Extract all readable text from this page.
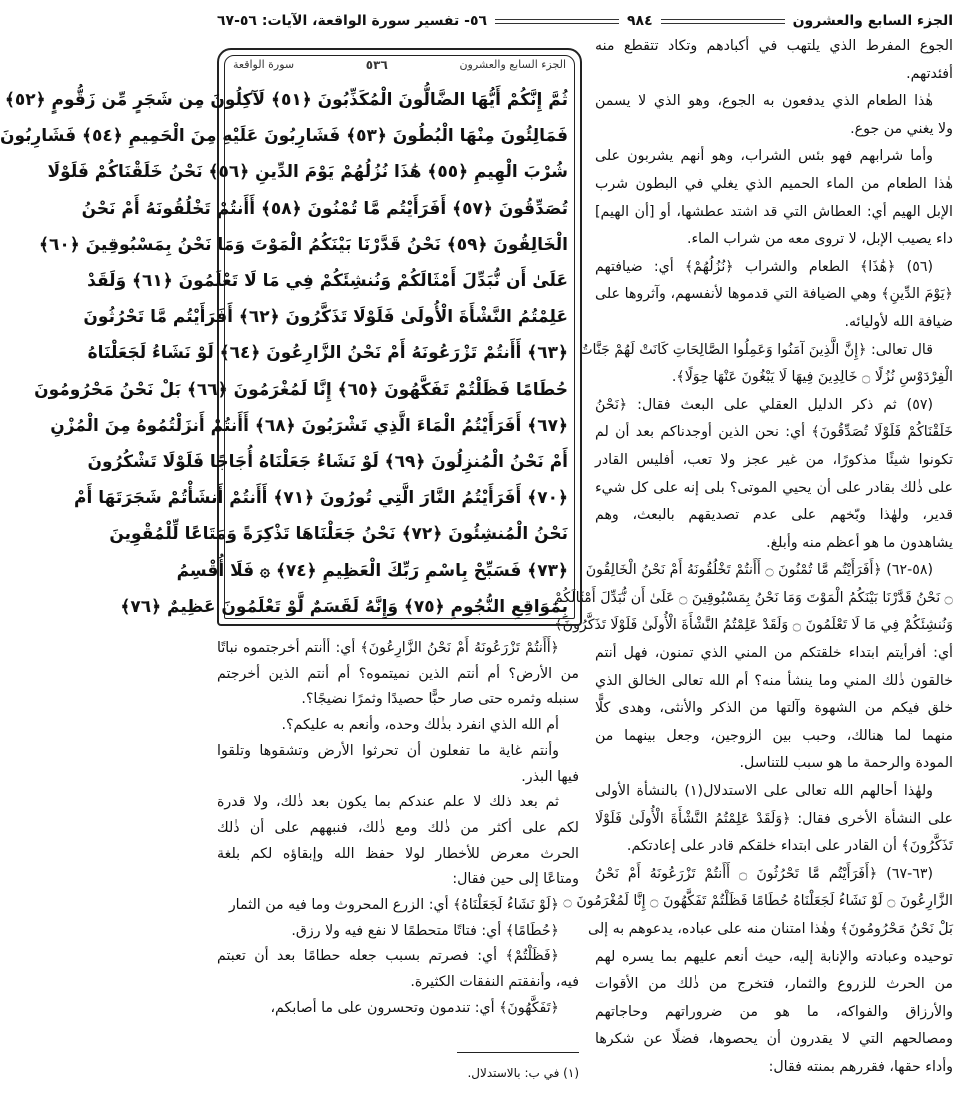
الجزء السابع والعشرون
٩٨٤
٥٦- تفسير سورة الواقعة، الآيات: ٥٦-٦٧
الجوع المفرط الذي يلتهب في أكبادهم وتكاد تتقطع منه
أفئدتهم.
هٰذا الطعام الذي يدفعون به الجوع، وهو الذي لا يسمن
ولا يغني من جوع.
وأما شرابهم فهو بئس الشراب، وهو أنهم يشربون على
هٰذا الطعام من الماء الحميم الذي يغلي في البطون شرب
الإبل الهيم أي: العطاش التي قد اشتد عطشها، أو [أن الهيم]
داء يصيب الإبل، لا تروى معه من شراب الماء.
(٥٦) ﴿هَٰذَا﴾ الطعام والشراب ﴿نُزُلُهُمْ﴾ أي: ضيافتهم
﴿يَوْمَ الدِّينِ﴾ وهي الضيافة التي قدموها لأنفسهم، وآثروها على
ضيافة الله لأوليائه.
قال تعالى: ﴿إِنَّ الَّذِينَ آمَنُوا وَعَمِلُوا الصَّالِحَاتِ كَانَتْ لَهُمْ جَنَّاتُ
الْفِرْدَوْسِ نُزُلًا ۝ خَالِدِينَ فِيهَا لَا يَبْغُونَ عَنْهَا حِوَلًا﴾.
(٥٧) ثم ذكر الدليل العقلي على البعث فقال: ﴿نَحْنُ
خَلَقْنَاكُمْ فَلَوْلَا تُصَدِّقُونَ﴾ أي: نحن الذين أوجدناكم بعد أن لم
تكونوا شيئًا مذكورًا، من غير عجز ولا تعب، أفليس القادر
على ذٰلك بقادر على أن يحيي الموتى؟ بلى إنه على كل شيء
قدير، ولهٰذا وبّخهم على عدم تصديقهم بالبعث، وهم
يشاهدون ما هو أعظم منه وأبلغ.
(٥٨-٦٢) ﴿أَفَرَأَيْتُم مَّا تُمْنُونَ ۝ أَأَنتُمْ تَخْلُقُونَهُ أَمْ نَحْنُ الْخَالِقُونَ
۝ نَحْنُ قَدَّرْنَا بَيْنَكُمُ الْمَوْتَ وَمَا نَحْنُ بِمَسْبُوقِينَ ۝ عَلَىٰ أَن نُّبَدِّلَ أَمْثَالَكُمْ
وَنُنشِئَكُمْ فِي مَا لَا تَعْلَمُونَ ۝ وَلَقَدْ عَلِمْتُمُ النَّشْأَةَ الْأُولَىٰ فَلَوْلَا تَذَكَّرُونَ﴾
أي: أفرأيتم ابتداء خلقتكم من المني الذي تمنون، فهل أنتم
خالقون ذٰلك المني وما ينشأ منه؟ أم الله تعالى الخالق الذي
خلق فيكم من الشهوة وآلتها من الذكر والأنثى، وهدى كلًّا
منهما لما هنالك، وحبب بين الزوجين، وجعل بينهما من
المودة والرحمة ما هو سبب للتناسل.
ولهٰذا أحالهم الله تعالى على الاستدلال(١) بالنشأة الأولى
على النشأة الأخرى فقال: ﴿وَلَقَدْ عَلِمْتُمُ النَّشْأَةَ الْأُولَىٰ فَلَوْلَا
تَذَكَّرُونَ﴾ أن القادر على ابتداء خلقكم قادر على إعادتكم.
(٦٣-٦٧) ﴿أَفَرَأَيْتُم مَّا تَحْرُثُونَ ۝ أَأَنتُمْ تَزْرَعُونَهُ أَمْ نَحْنُ
الزَّارِعُونَ ۝ لَوْ نَشَاءُ لَجَعَلْنَاهُ حُطَامًا فَظَلْتُمْ تَفَكَّهُونَ ۝ إِنَّا لَمُغْرَمُونَ ۝
بَلْ نَحْنُ مَحْرُومُونَ﴾ وهٰذا امتنان منه على عباده، يدعوهم به إلى
توحيده وعبادته والإنابة إليه، حيث أنعم عليهم بما يسره لهم
من الحرث للزروع والثمار، فتخرج من ذٰلك من الأقوات
والأرزاق والفواكه، ما هو من ضروراتهم وحاجاتهم
ومصالحهم التي لا يقدرون أن يحصوها، فضلًا عن شكرها
وأداء حقها، فقررهم بمنته فقال:
الجزء السابع والعشرون
٥٣٦
سورة الواقعة
ثُمَّ إِنَّكُمْ أَيُّهَا الضَّالُّونَ الْمُكَذِّبُونَ ﴿٥١﴾ لَآكِلُونَ مِن شَجَرٍ مِّن زَقُّومٍ ﴿٥٢﴾
فَمَالِئُونَ مِنْهَا الْبُطُونَ ﴿٥٣﴾ فَشَارِبُونَ عَلَيْهِ مِنَ الْحَمِيمِ ﴿٥٤﴾ فَشَارِبُونَ
شُرْبَ الْهِيمِ ﴿٥٥﴾ هَٰذَا نُزُلُهُمْ يَوْمَ الدِّينِ ﴿٥٦﴾ نَحْنُ خَلَقْنَاكُمْ فَلَوْلَا
تُصَدِّقُونَ ﴿٥٧﴾ أَفَرَأَيْتُم مَّا تُمْنُونَ ﴿٥٨﴾ أَأَنتُمْ تَخْلُقُونَهُ أَمْ نَحْنُ
الْخَالِقُونَ ﴿٥٩﴾ نَحْنُ قَدَّرْنَا بَيْنَكُمُ الْمَوْتَ وَمَا نَحْنُ بِمَسْبُوقِينَ ﴿٦٠﴾
عَلَىٰ أَن نُّبَدِّلَ أَمْثَالَكُمْ وَنُنشِئَكُمْ فِي مَا لَا تَعْلَمُونَ ﴿٦١﴾ وَلَقَدْ
عَلِمْتُمُ النَّشْأَةَ الْأُولَىٰ فَلَوْلَا تَذَكَّرُونَ ﴿٦٢﴾ أَفَرَأَيْتُم مَّا تَحْرُثُونَ
﴿٦٣﴾ أَأَنتُمْ تَزْرَعُونَهُ أَمْ نَحْنُ الزَّارِعُونَ ﴿٦٤﴾ لَوْ نَشَاءُ لَجَعَلْنَاهُ
حُطَامًا فَظَلْتُمْ تَفَكَّهُونَ ﴿٦٥﴾ إِنَّا لَمُغْرَمُونَ ﴿٦٦﴾ بَلْ نَحْنُ مَحْرُومُونَ
﴿٦٧﴾ أَفَرَأَيْتُمُ الْمَاءَ الَّذِي تَشْرَبُونَ ﴿٦٨﴾ أَأَنتُمْ أَنزَلْتُمُوهُ مِنَ الْمُزْنِ
أَمْ نَحْنُ الْمُنزِلُونَ ﴿٦٩﴾ لَوْ نَشَاءُ جَعَلْنَاهُ أُجَاجًا فَلَوْلَا تَشْكُرُونَ
﴿٧٠﴾ أَفَرَأَيْتُمُ النَّارَ الَّتِي تُورُونَ ﴿٧١﴾ أَأَنتُمْ أَنشَأْتُمْ شَجَرَتَهَا أَمْ
نَحْنُ الْمُنشِئُونَ ﴿٧٢﴾ نَحْنُ جَعَلْنَاهَا تَذْكِرَةً وَمَتَاعًا لِّلْمُقْوِينَ
﴿٧٣﴾ فَسَبِّحْ بِاسْمِ رَبِّكَ الْعَظِيمِ ﴿٧٤﴾ ۞ فَلَا أُقْسِمُ
بِمَوَاقِعِ النُّجُومِ ﴿٧٥﴾ وَإِنَّهُ لَقَسَمٌ لَّوْ تَعْلَمُونَ عَظِيمٌ ﴿٧٦﴾
﴿أَأَنتُمْ تَزْرَعُونَهُ أَمْ نَحْنُ الزَّارِعُونَ﴾ أي: أأنتم أخرجتموه نباتًا
من الأرض؟ أم أنتم الذين نميتموه؟ أم أنتم الذين أخرجتم
سنبله وثمره حتى صار حبًّا حصيدًا وثمرًا نضيجًا؟.
أم الله الذي انفرد بذٰلك وحده، وأنعم به عليكم؟.
وأنتم غاية ما تفعلون أن تحرثوا الأرض وتشقوها وتلقوا
فيها البذر.
ثم بعد ذلك لا علم عندكم بما يكون بعد ذٰلك، ولا قدرة
لكم على أكثر من ذٰلك ومع ذٰلك، فنبههم على أن ذٰلك
الحرث معرض للأخطار لولا حفظ الله وإبقاؤه لكم بلغة
ومتاعًا إلى حين فقال:
﴿لَوْ نَشَاءُ لَجَعَلْنَاهُ﴾ أي: الزرع المحروث وما فيه من الثمار
﴿حُطَامًا﴾ أي: فتاتًا متحطمًا لا نفع فيه ولا رزق.
﴿فَظَلْتُمْ﴾ أي: فصرتم بسبب جعله حطامًا بعد أن تعبتم
فيه، وأنفقتم النفقات الكثيرة.
﴿تَفَكَّهُونَ﴾ أي: تندمون وتحسرون على ما أصابكم،
(١) في ب: بالاستدلال.
